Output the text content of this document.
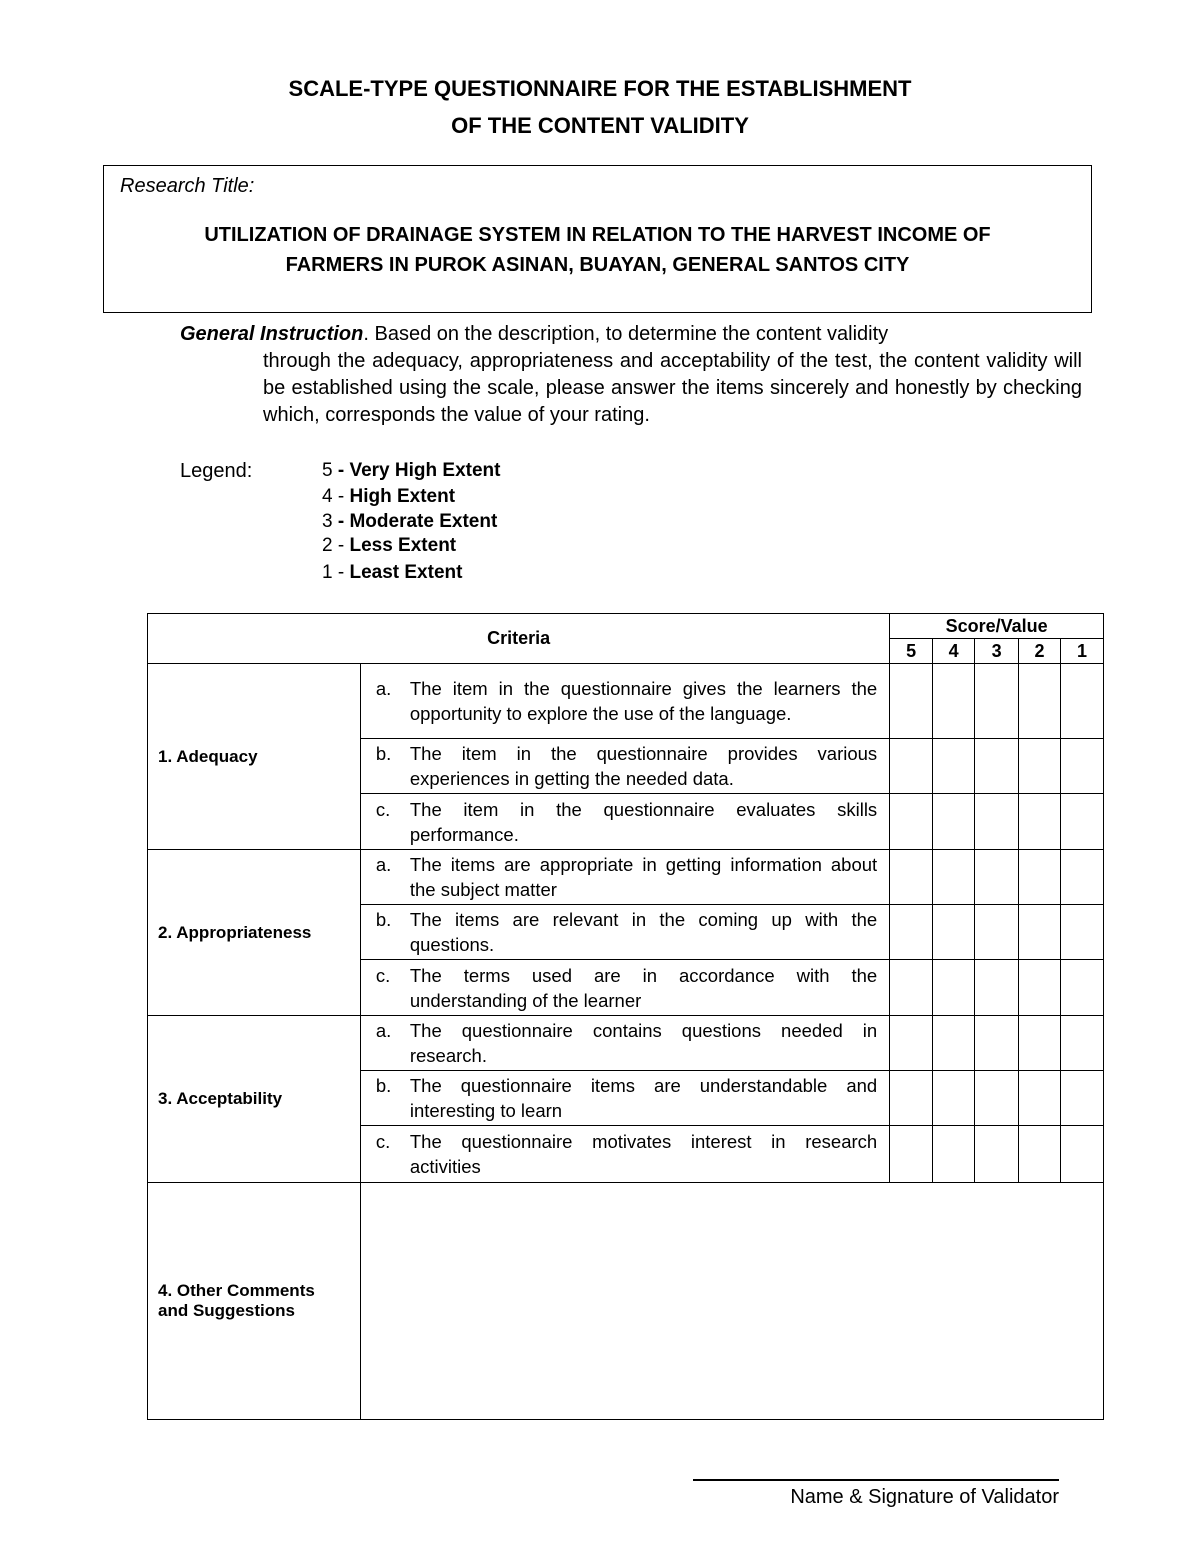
SCALE-TYPE QUESTIONNAIRE FOR THE ESTABLISHMENT
OF THE CONTENT VALIDITY
Research Title:
UTILIZATION OF DRAINAGE SYSTEM IN RELATION TO THE HARVEST INCOME OF
FARMERS IN PUROK ASINAN, BUAYAN, GENERAL SANTOS CITY
General Instruction. Based on the description, to determine the content validity
through the adequacy, appropriateness and acceptability of the test, the content validity will be established using the scale, please answer the items sincerely and honestly by checking which, corresponds the value of your rating.
Legend:	5 - Very High Extent
4 - High Extent
3 - Moderate Extent
2 - Less Extent
1 - Least Extent
Criteria		Score/Value				
		5	4	3	2	1
1. Adequacy	a. The item in the questionnaire gives the learners the opportunity to explore the use of the language.					

	b. The item in the questionnaire provides various experiences in getting the needed data.					

	c. The item in the questionnaire evaluates skills performance.					

2. Appropriateness	a. The items are appropriate in getting information about the subject matter					

	b. The items are relevant in the coming up with the questions.					

	c. The terms used are in accordance with the understanding of the learner					

3. Acceptability	a. The questionnaire contains questions needed in research.					

	b. The questionnaire items are understandable and interesting to learn					

	c. The questionnaire motivates interest in research activities					

4. Other Comments
and Suggestions						

Name & Signature of Validator
